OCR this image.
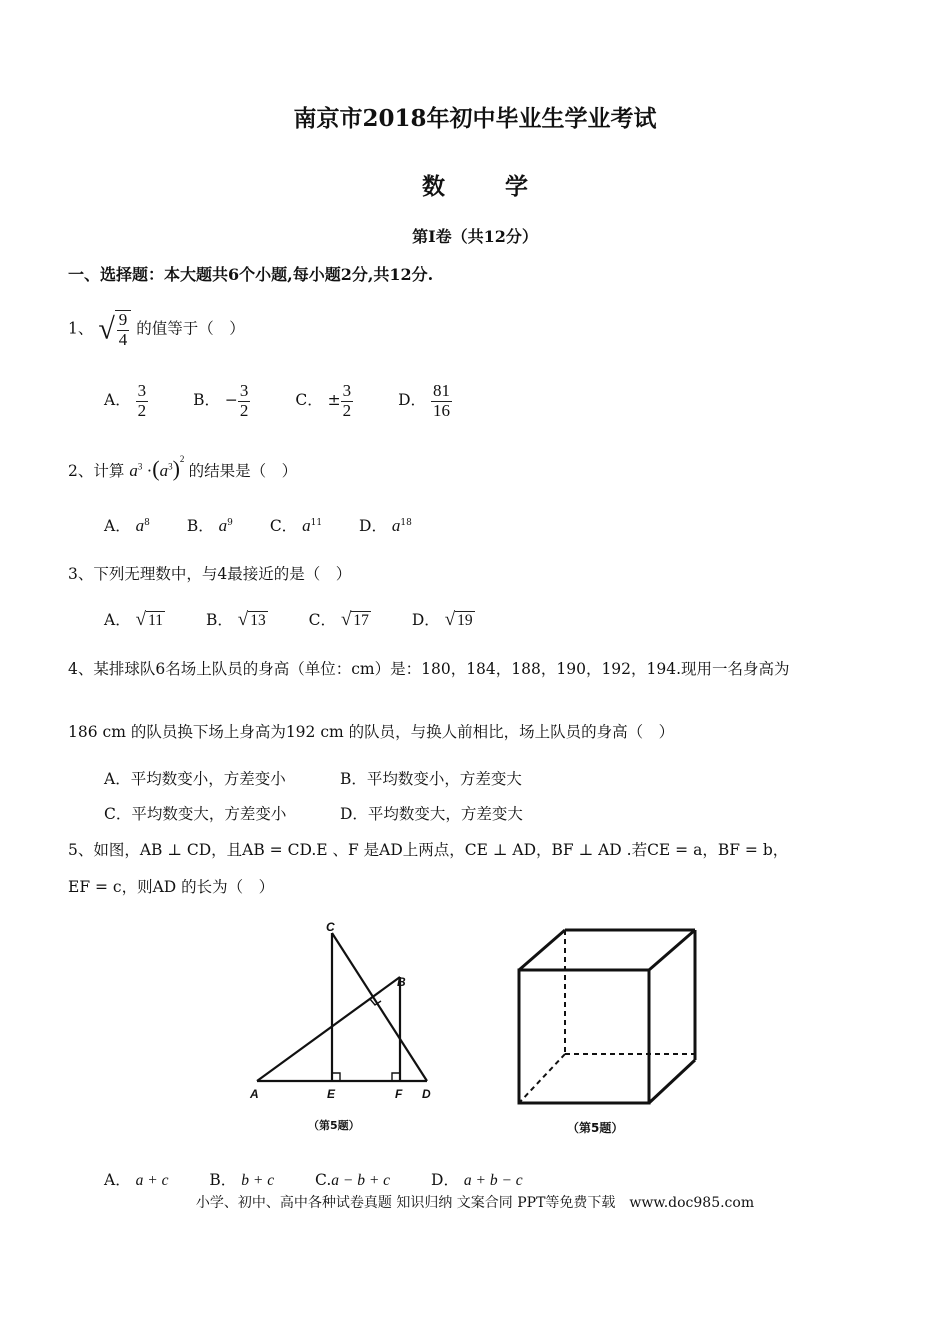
南京市2018年初中毕业生学业考试
数 学
第Ⅰ卷（共12分）
一、选择题：本大题共6个小题,每小题2分,共12分.
1、 √ $\frac{9}{4}$ 的值等于（　）
A． $\frac{3}{2}$	B． − $\frac{3}{2}$	C． ± $\frac{3}{2}$	D． $\frac{81}{16}$
2、计算 $a^3 \cdot(a^3)^2$ 的结果是（　）
A． $a^8$ B． $a^9$ C． $a^{11}$ D． $a^{18}$
3、下列无理数中，与4最接近的是（　）
A． √ 11	B． √ 13	C． √ 17	D． √ 19
4、某排球队6名场上队员的身高（单位：cm）是：180，184，188，190，192，194.现用一名身高为
186 cm 的队员换下场上身高为192 cm 的队员，与换人前相比，场上队员的身高（　）
A．平均数变小，方差变小	B．平均数变小，方差变大
C．平均数变大，方差变小	D．平均数变大，方差变大
5、如图，AB ⊥ CD，且AB = CD.E 、F 是AD上两点，CE ⊥ AD，BF ⊥ AD .若CE = a，BF = b，
EF = c，则AD 的长为（　）
C
B
A	E	F D
（第5题）	（第5题）
A． a + c	B． b + c	C.a − b + c	D． a + b − c
小学、初中、高中各种试卷真题 知识归纳 文案合同 PPT等免费下载　www.doc985.com
